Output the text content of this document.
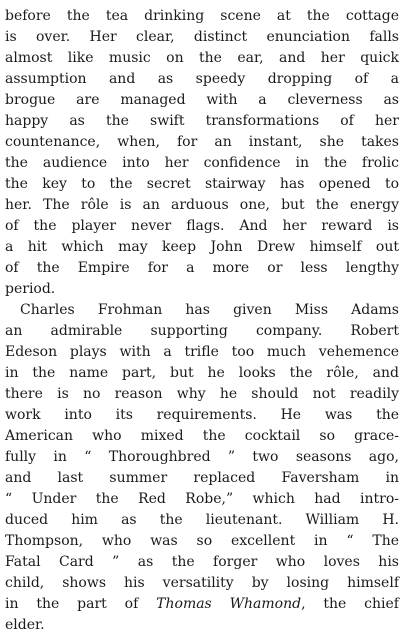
before the tea drinking scene at the cottage
is over. Her clear, distinct enunciation falls
almost like music on the ear, and her quick
assumption and as speedy dropping of a
brogue are managed with a cleverness as
happy as the swift transformations of her
countenance, when, for an instant, she takes
the audience into her confidence in the frolic
the key to the secret stairway has opened to
her. The rôle is an arduous one, but the energy
of the player never flags. And her reward is
a hit which may keep John Drew himself out
of the Empire for a more or less lengthy
period.
Charles Frohman has given Miss Adams
an admirable supporting company. Robert
Edeson plays with a trifle too much vehemence
in the name part, but he looks the rôle, and
there is no reason why he should not readily
work into its requirements. He was the
American who mixed the cocktail so grace-
fully in “ Thoroughbred ” two seasons ago,
and last summer replaced Faversham in
“ Under the Red Robe,” which had intro-
duced him as the lieutenant. William H.
Thompson, who was so excellent in “ The
Fatal Card ” as the forger who loves his
child, shows his versatility by losing himself
in the part of Thomas Whamond, the chief
elder.
